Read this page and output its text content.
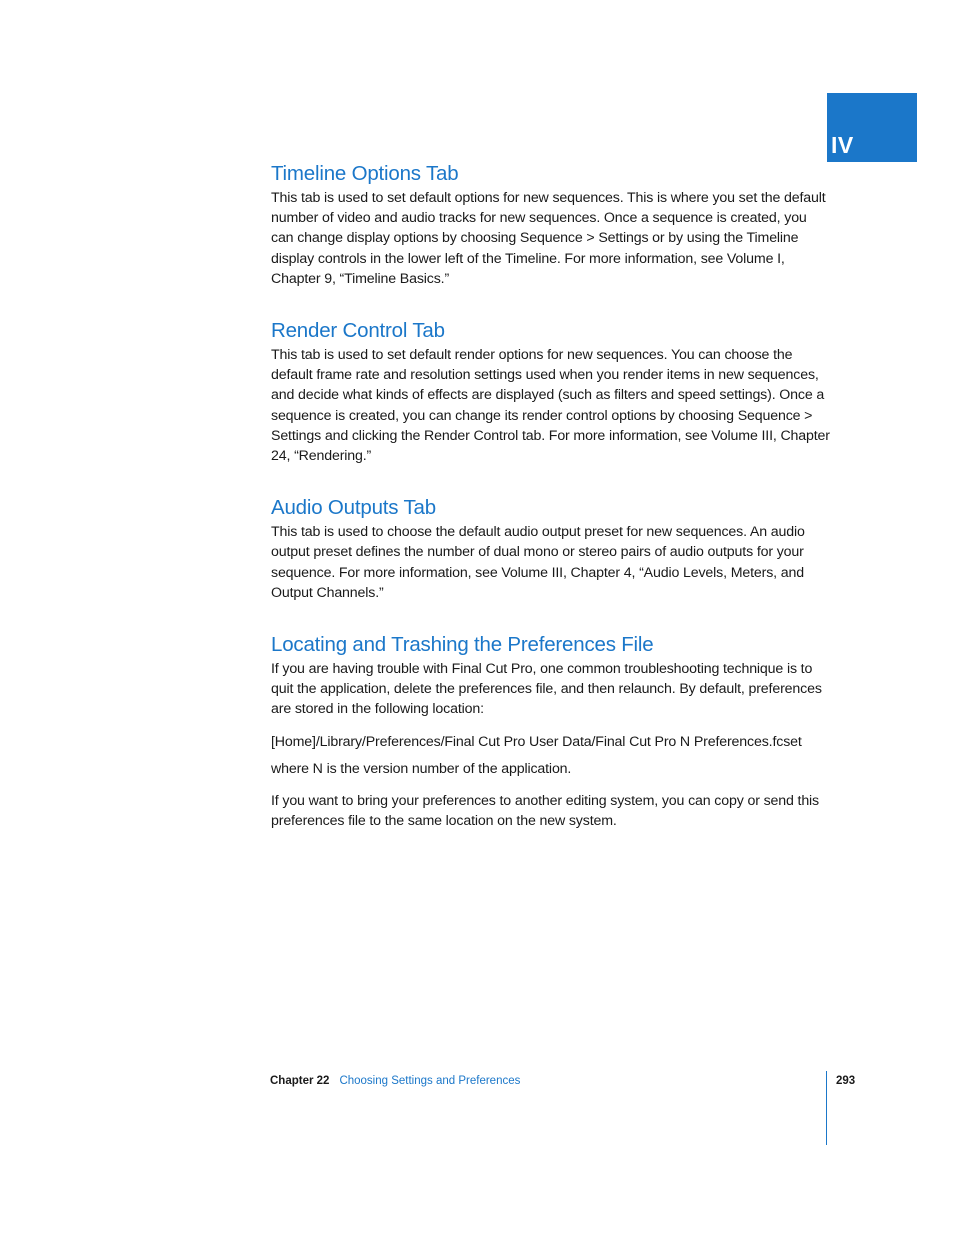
IV
Timeline Options Tab

This tab is used to set default options for new sequences. This is where you set the default number of video and audio tracks for new sequences. Once a sequence is created, you can change display options by choosing Sequence > Settings or by using the Timeline display controls in the lower left of the Timeline. For more information, see Volume I, Chapter 9, “Timeline Basics.”

Render Control Tab

This tab is used to set default render options for new sequences. You can choose the default frame rate and resolution settings used when you render items in new sequences, and decide what kinds of effects are displayed (such as filters and speed settings). Once a sequence is created, you can change its render control options by choosing Sequence > Settings and clicking the Render Control tab. For more information, see Volume III, Chapter 24, “Rendering.”

Audio Outputs Tab

This tab is used to choose the default audio output preset for new sequences. An audio output preset defines the number of dual mono or stereo pairs of audio outputs for your sequence. For more information, see Volume III, Chapter 4, “Audio Levels, Meters, and Output Channels.”

Locating and Trashing the Preferences File

If you are having trouble with Final Cut Pro, one common troubleshooting technique is to quit the application, delete the preferences file, and then relaunch. By default, preferences are stored in the following location:

[Home]/Library/Preferences/Final Cut Pro User Data/Final Cut Pro N Preferences.fcset

where N is the version number of the application.

If you want to bring your preferences to another editing system, you can copy or send this preferences file to the same location on the new system.

Chapter 22 Choosing Settings and Preferences	293
